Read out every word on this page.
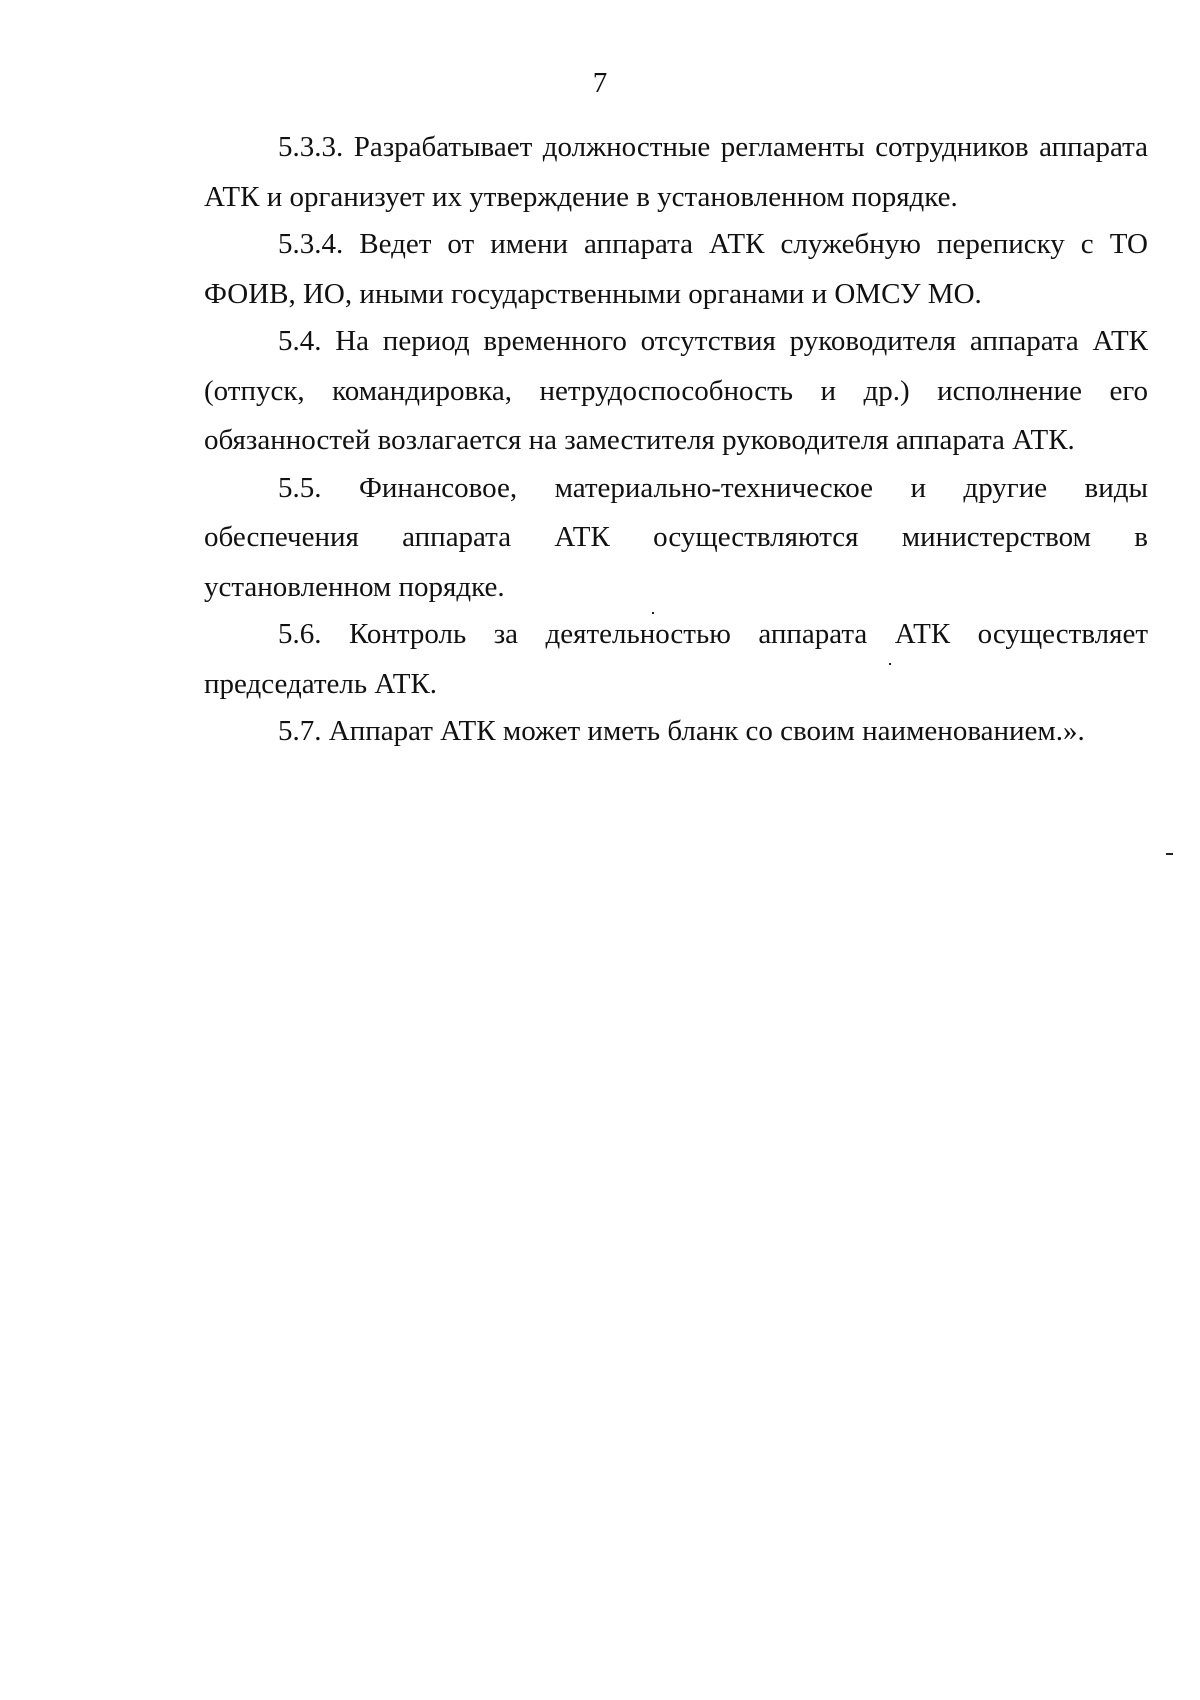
7

5.3.3. Разрабатывает должностные регламенты сотрудников аппарата АТК и организует их утверждение в установленном порядке.

5.3.4. Ведет от имени аппарата АТК служебную переписку с ТО ФОИВ, ИО, иными государственными органами и ОМСУ МО.

5.4. На период временного отсутствия руководителя аппарата АТК (отпуск, командировка, нетрудоспособность и др.) исполнение его обязанностей возлагается на заместителя руководителя аппарата АТК.

5.5. Финансовое, материально-техническое и другие виды обеспечения аппарата АТК осуществляются министерством в установленном порядке.

5.6. Контроль за деятельностью аппарата АТК осуществляет председатель АТК.

5.7. Аппарат АТК может иметь бланк со своим наименованием.».
